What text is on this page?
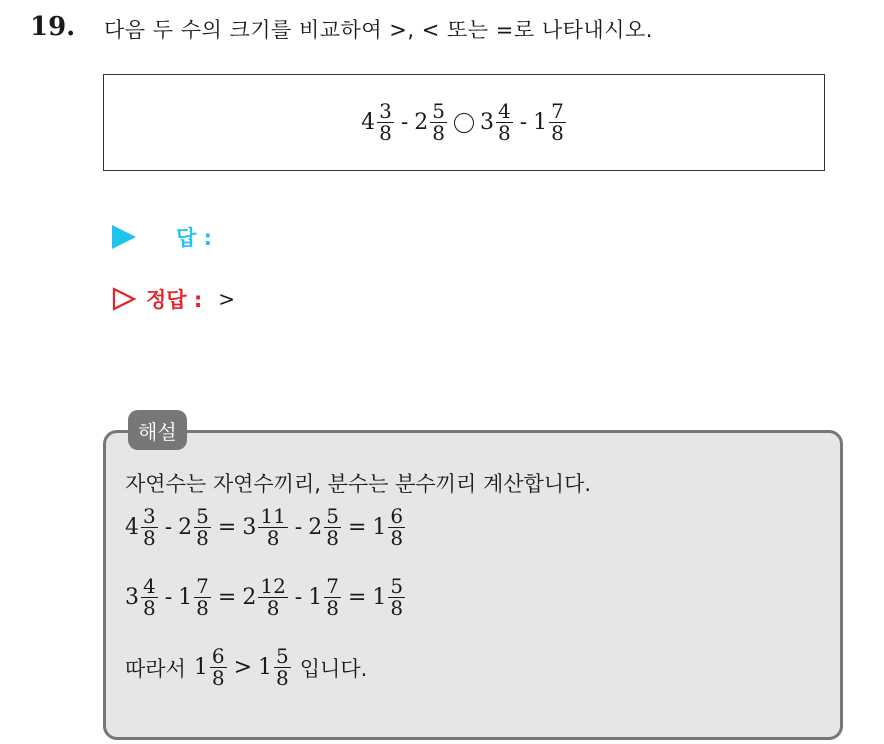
19. 다음 두 수의 크기를 비교하여 >, < 또는 =로 나타내시오.
$4 \frac{3}{8} - 2 \frac{5}{8} 3 \frac{4}{8} - 1 \frac{7}{8}$
답 :
정답 : >
해설
자연수는 자연수끼리, 분수는 분수끼리 계산합니다.
$4 \frac{3}{8} - 2 \frac{5}{8} = 3 \frac{11}{8} - 2 \frac{5}{8} = 1 \frac{6}{8}$
$3 \frac{4}{8} - 1 \frac{7}{8} = 2 \frac{12}{8} - 1 \frac{7}{8} = 1 \frac{5}{8}$
따라서 $1 \frac{6}{8} > 1 \frac{5}{8}$ 입니다.
